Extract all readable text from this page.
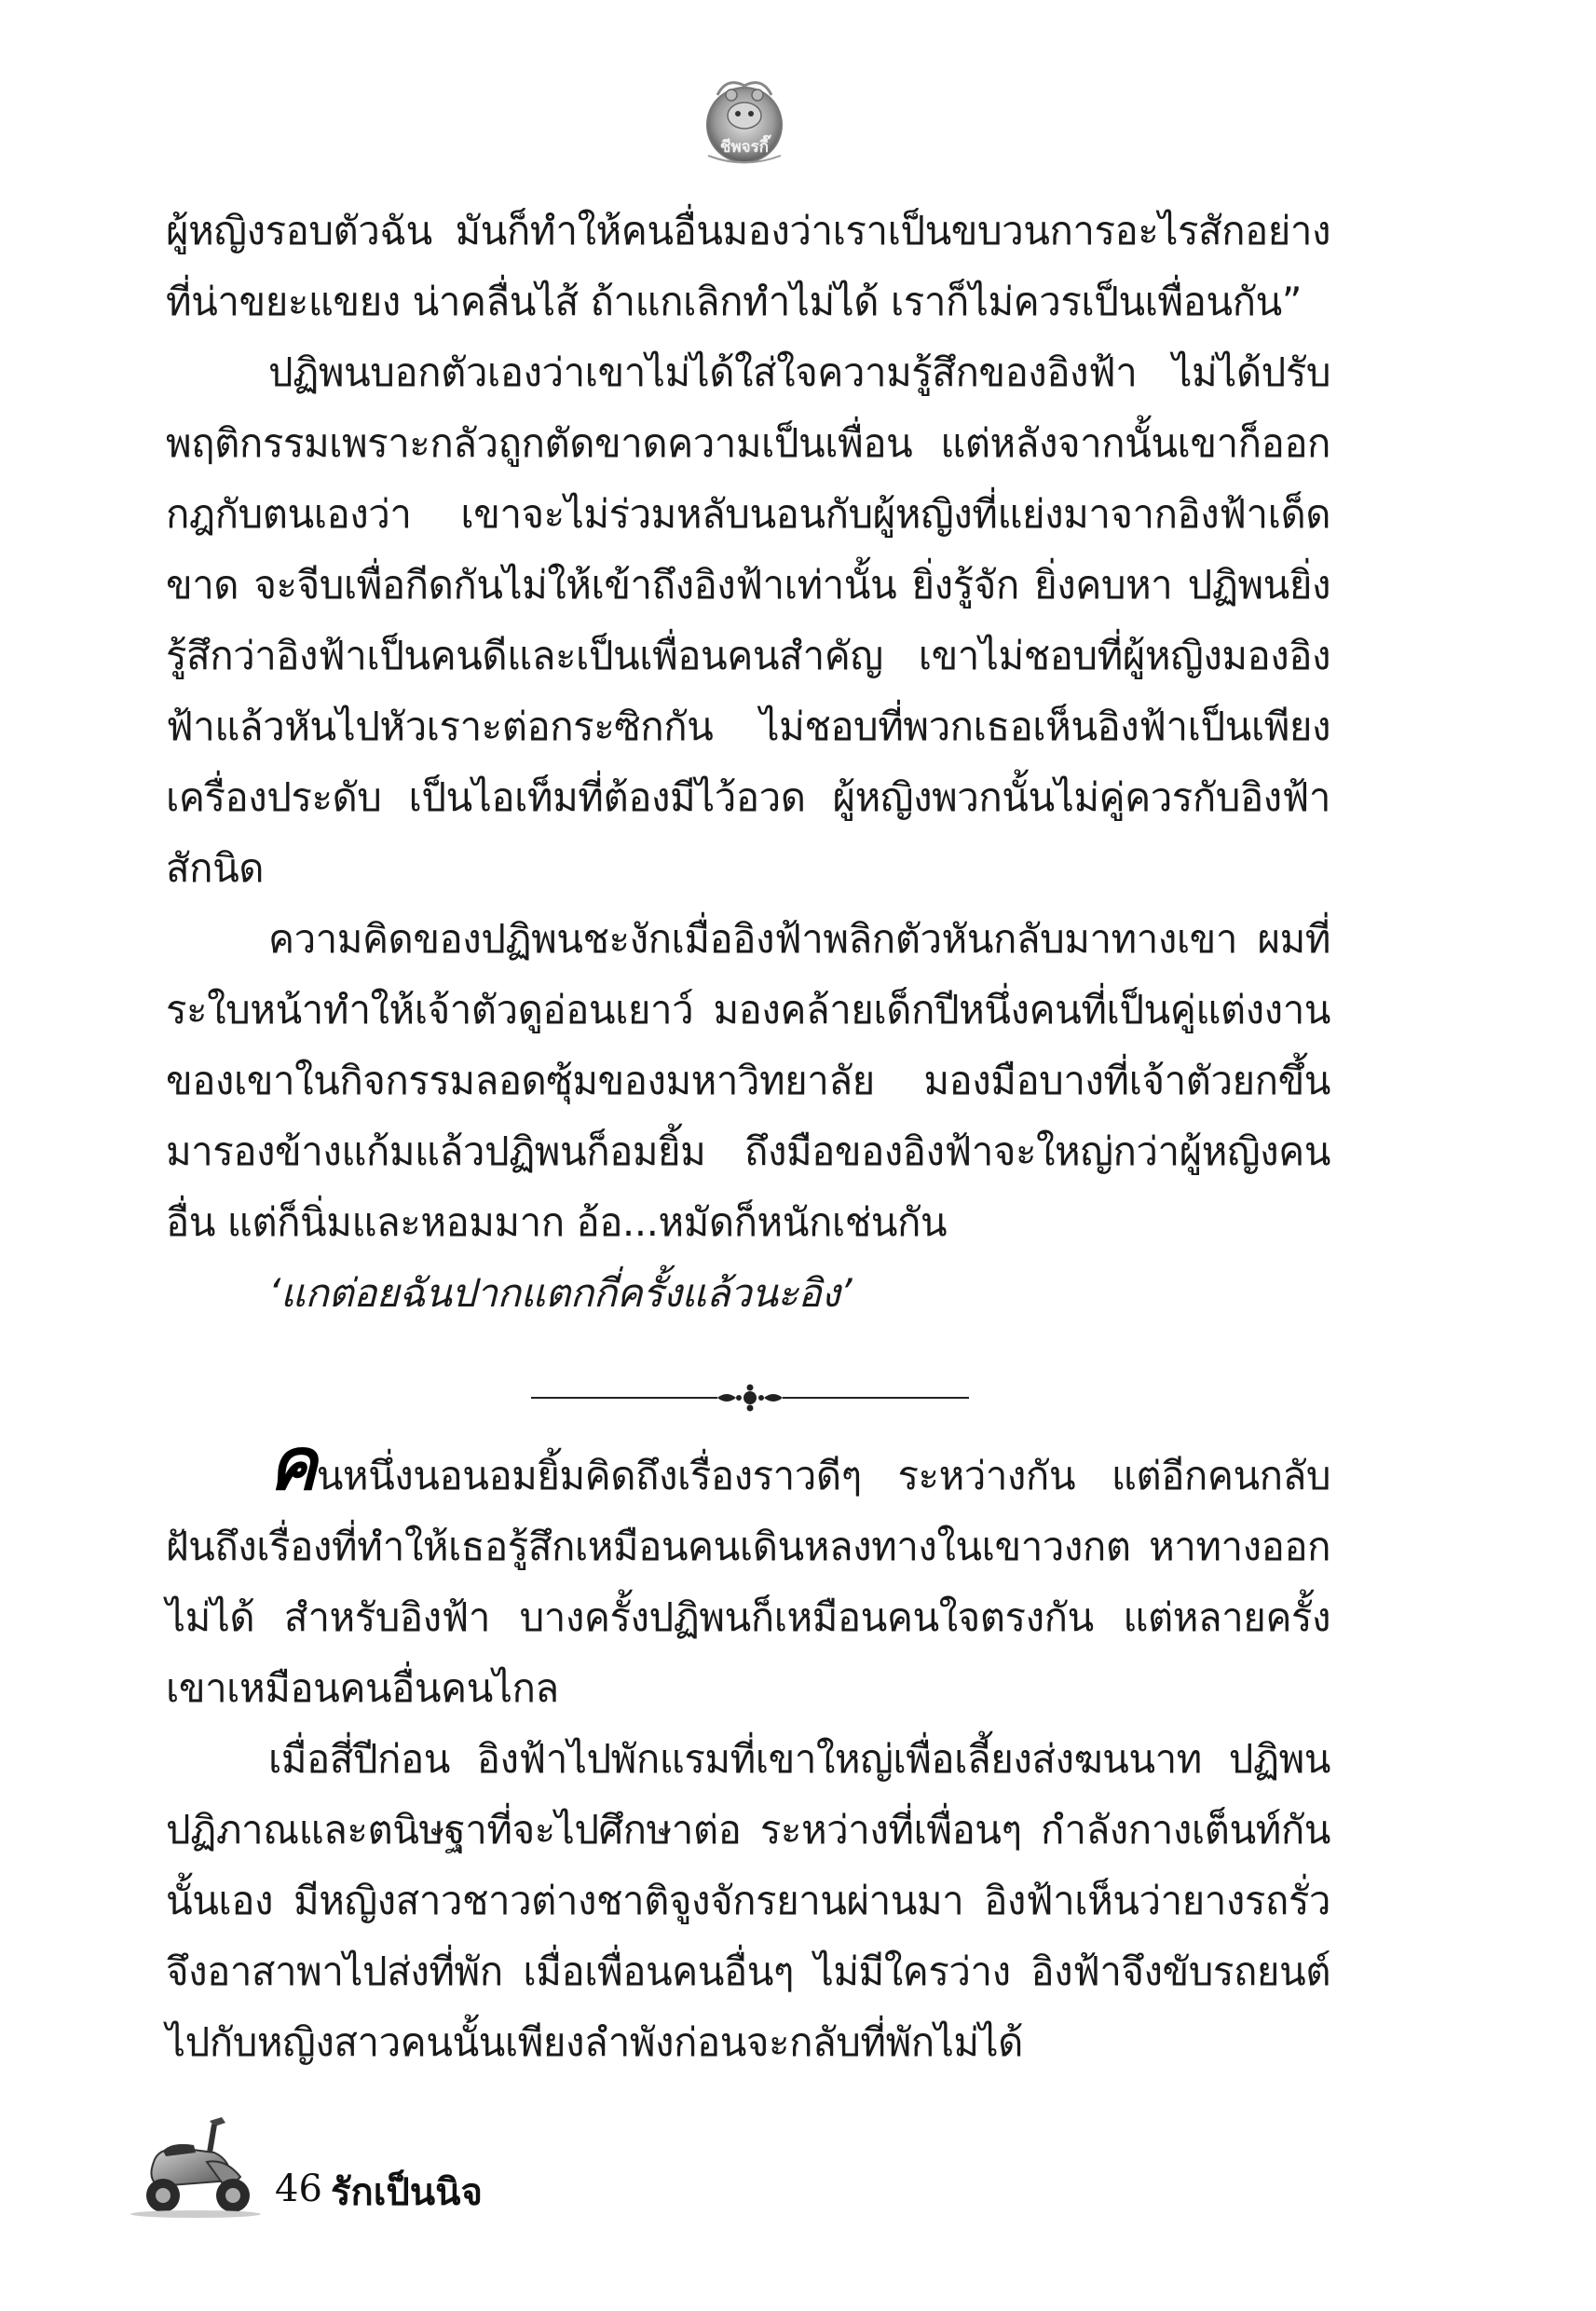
ชีพจรกี๊

ผู้หญิงรอบตัวฉัน มันก็ทำให้คนอื่นมองว่าเราเป็นขบวนการอะไรสักอย่าง ที่น่าขยะแขยง น่าคลื่นไส้ ถ้าแกเลิกทำไม่ได้ เราก็ไม่ควรเป็นเพื่อนกัน”

ปฏิพนบอกตัวเองว่าเขาไม่ได้ใส่ใจความรู้สึกของอิงฟ้า ไม่ได้ปรับพฤติกรรมเพราะกลัวถูกตัดขาดความเป็นเพื่อน แต่หลังจากนั้นเขาก็ออกกฎกับตนเองว่า เขาจะไม่ร่วมหลับนอนกับผู้หญิงที่แย่งมาจากอิงฟ้าเด็ดขาด จะจีบเพื่อกีดกันไม่ให้เข้าถึงอิงฟ้าเท่านั้น ยิ่งรู้จัก ยิ่งคบหา ปฏิพนยิ่งรู้สึกว่าอิงฟ้าเป็นคนดีและเป็นเพื่อนคนสำคัญ เขาไม่ชอบที่ผู้หญิงมองอิงฟ้าแล้วหันไปหัวเราะต่อกระซิกกัน ไม่ชอบที่พวกเธอเห็นอิงฟ้าเป็นเพียงเครื่องประดับ เป็นไอเท็มที่ต้องมีไว้อวด ผู้หญิงพวกนั้นไม่คู่ควรกับอิงฟ้าสักนิด

ความคิดของปฏิพนชะงักเมื่ออิงฟ้าพลิกตัวหันกลับมาทางเขา ผมที่ระใบหน้าทำให้เจ้าตัวดูอ่อนเยาว์ มองคล้ายเด็กปีหนึ่งคนที่เป็นคู่แต่งงานของเขาในกิจกรรมลอดซุ้มของมหาวิทยาลัย มองมือบางที่เจ้าตัวยกขึ้นมารองข้างแก้มแล้วปฏิพนก็อมยิ้ม ถึงมือของอิงฟ้าจะใหญ่กว่าผู้หญิงคนอื่น แต่ก็นิ่มและหอมมาก อ้อ...หมัดก็หนักเช่นกัน

‘แกต่อยฉันปากแตกกี่ครั้งแล้วนะอิง’

คนหนึ่งนอนอมยิ้มคิดถึงเรื่องราวดีๆ ระหว่างกัน แต่อีกคนกลับฝันถึงเรื่องที่ทำให้เธอรู้สึกเหมือนคนเดินหลงทางในเขาวงกต หาทางออกไม่ได้ สำหรับอิงฟ้า บางครั้งปฏิพนก็เหมือนคนใจตรงกัน แต่หลายครั้ง เขาเหมือนคนอื่นคนไกล

เมื่อสี่ปีก่อน อิงฟ้าไปพักแรมที่เขาใหญ่เพื่อเลี้ยงส่งฆนนาท ปฏิพน ปฏิภาณและตนิษฐาที่จะไปศึกษาต่อ ระหว่างที่เพื่อนๆ กำลังกางเต็นท์กันนั้นเอง มีหญิงสาวชาวต่างชาติจูงจักรยานผ่านมา อิงฟ้าเห็นว่ายางรถรั่วจึงอาสาพาไปส่งที่พัก เมื่อเพื่อนคนอื่นๆ ไม่มีใครว่าง อิงฟ้าจึงขับรถยนต์ไปกับหญิงสาวคนนั้นเพียงลำพังก่อนจะกลับที่พักไม่ได้

46 รักเป็นนิจ
